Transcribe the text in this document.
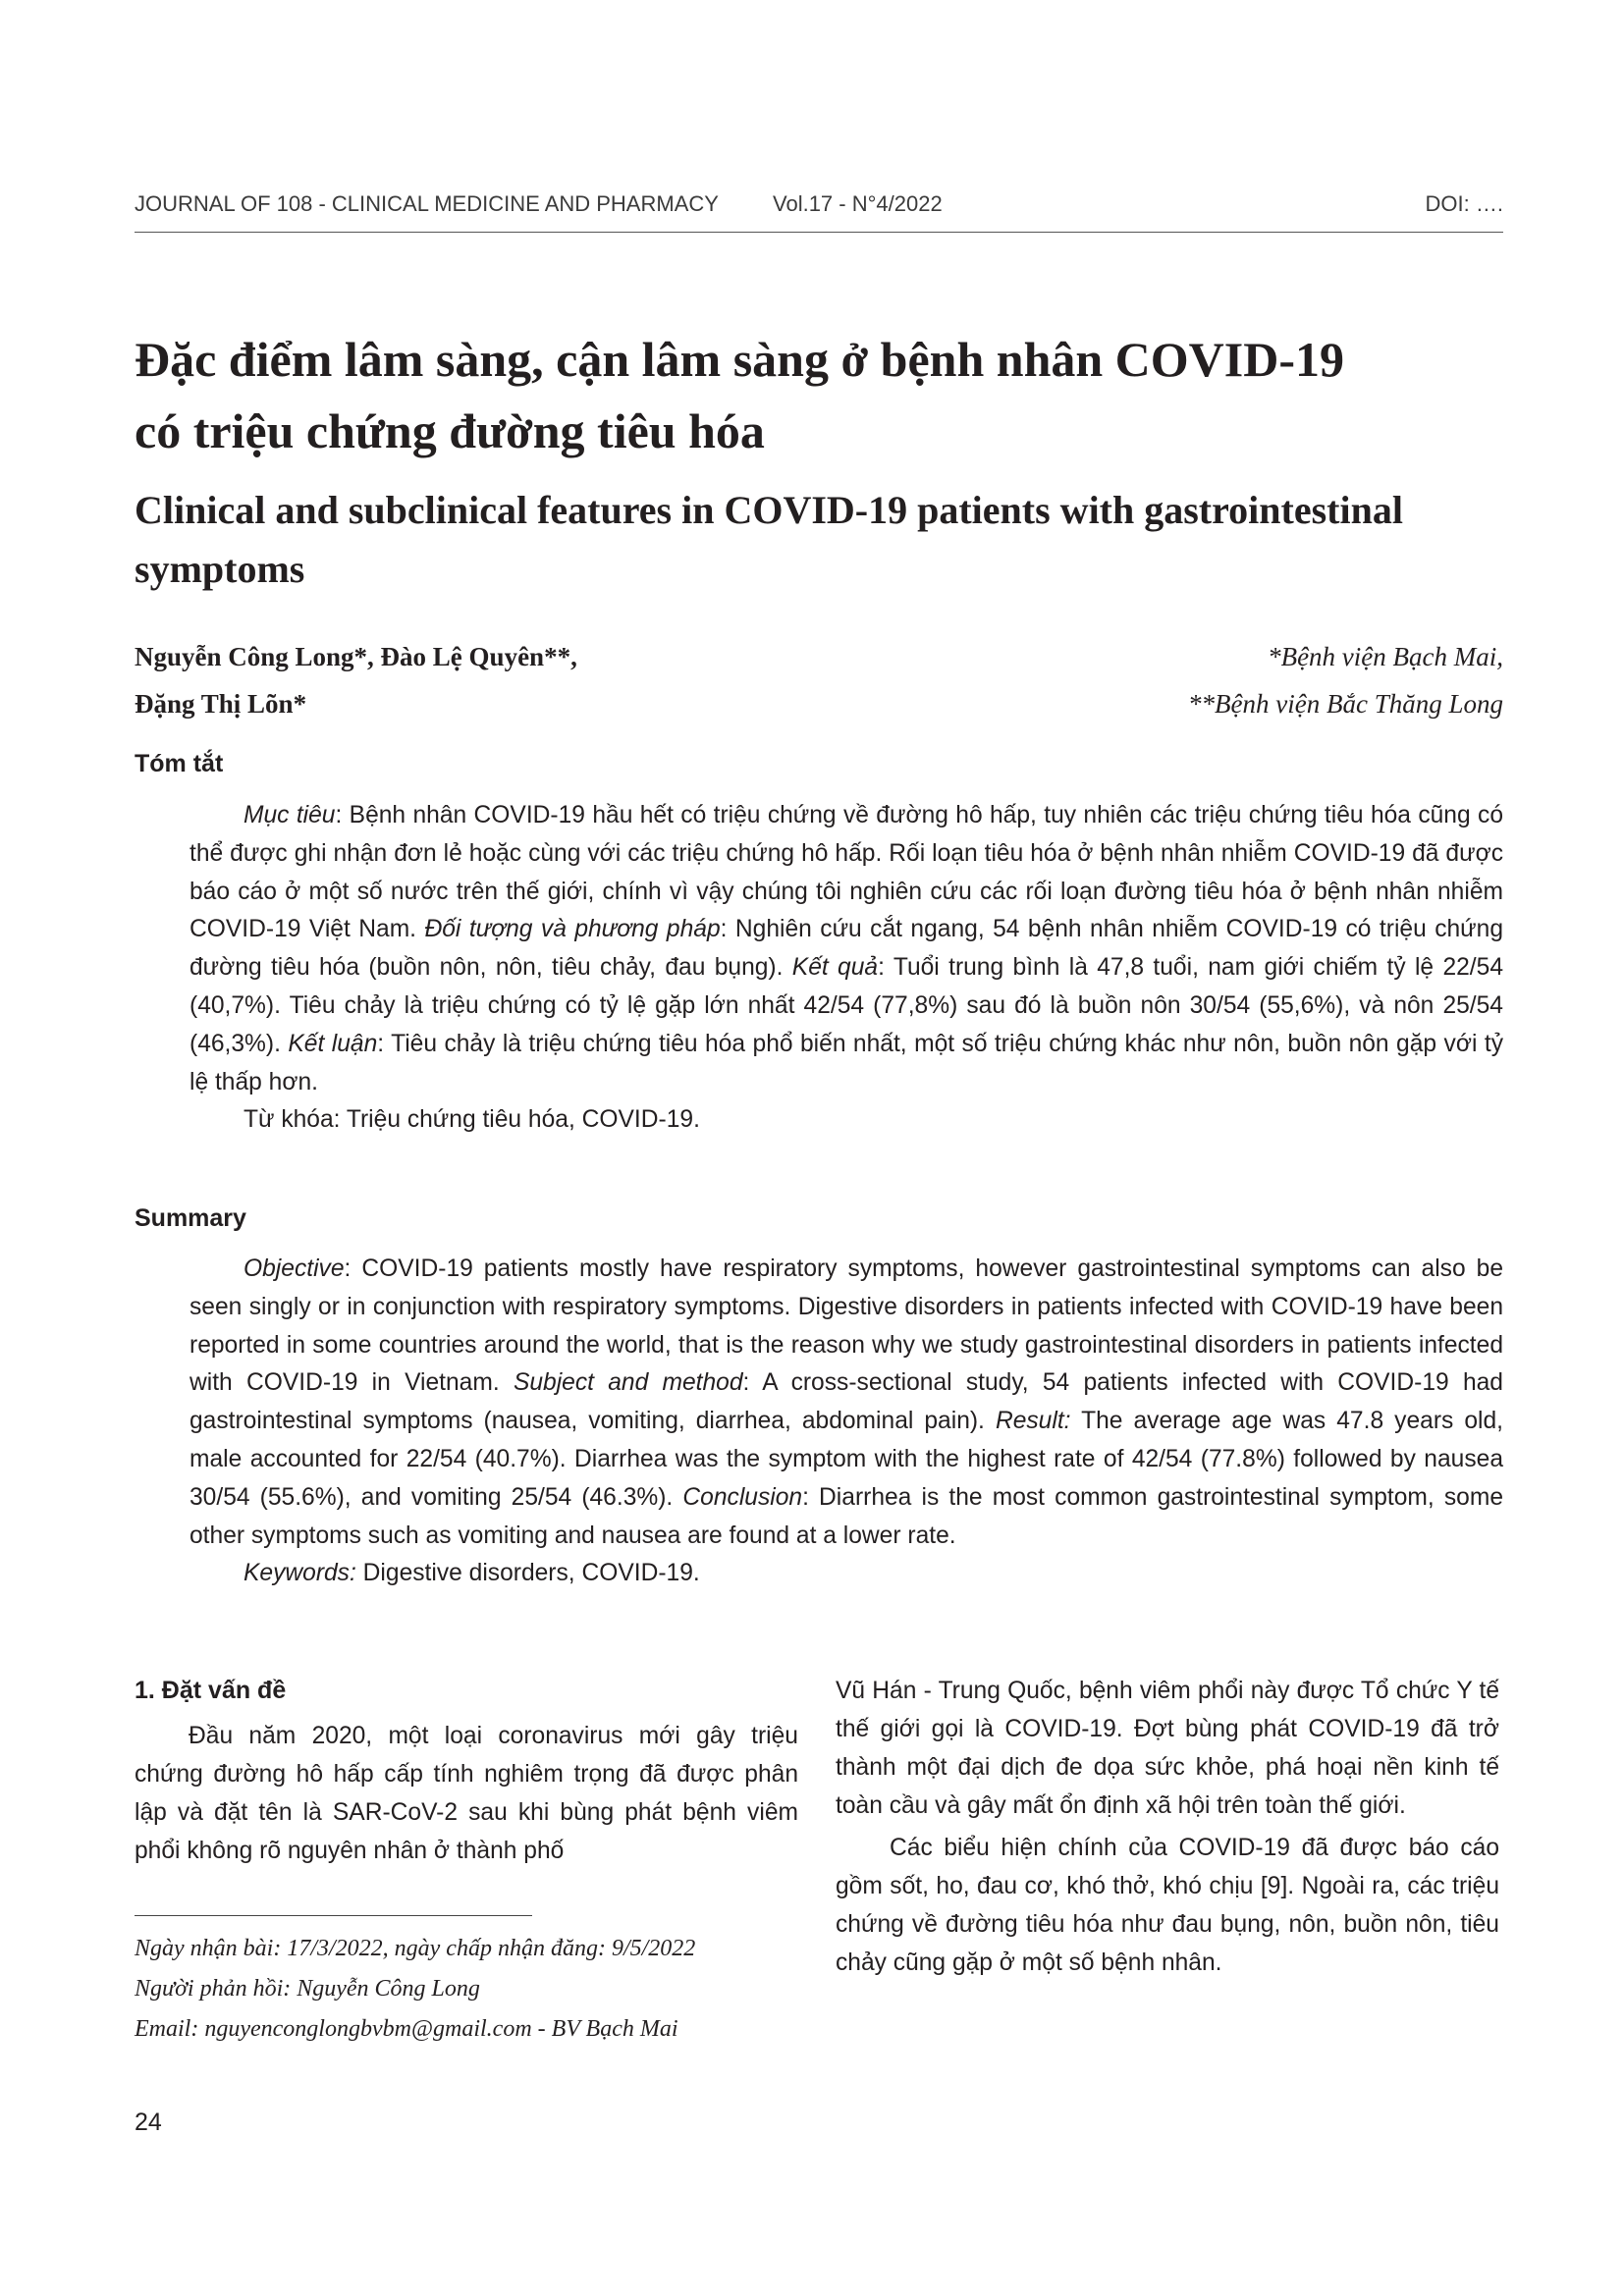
JOURNAL OF 108 - CLINICAL MEDICINE AND PHARMACY	Vol.17 - N°4/2022	DOI: ….
Đặc điểm lâm sàng, cận lâm sàng ở bệnh nhân COVID-19
có triệu chứng đường tiêu hóa
Clinical and subclinical features in COVID-19 patients with gastrointestinal
symptoms
Nguyễn Công Long*, Đào Lệ Quyên**,
Đặng Thị Lõn*
*Bệnh viện Bạch Mai,
**Bệnh viện Bắc Thăng Long
Tóm tắt

Mục tiêu: Bệnh nhân COVID-19 hầu hết có triệu chứng về đường hô hấp, tuy nhiên các triệu chứng tiêu hóa cũng có thể được ghi nhận đơn lẻ hoặc cùng với các triệu chứng hô hấp. Rối loạn tiêu hóa ở bệnh nhân nhiễm COVID-19 đã được báo cáo ở một số nước trên thế giới, chính vì vậy chúng tôi nghiên cứu các rối loạn đường tiêu hóa ở bệnh nhân nhiễm COVID-19 Việt Nam. Đối tượng và phương pháp: Nghiên cứu cắt ngang, 54 bệnh nhân nhiễm COVID-19 có triệu chứng đường tiêu hóa (buồn nôn, nôn, tiêu chảy, đau bụng). Kết quả: Tuổi trung bình là 47,8 tuổi, nam giới chiếm tỷ lệ 22/54 (40,7%). Tiêu chảy là triệu chứng có tỷ lệ gặp lớn nhất 42/54 (77,8%) sau đó là buồn nôn 30/54 (55,6%), và nôn 25/54 (46,3%). Kết luận: Tiêu chảy là triệu chứng tiêu hóa phổ biến nhất, một số triệu chứng khác như nôn, buồn nôn gặp với tỷ lệ thấp hơn.

Từ khóa: Triệu chứng tiêu hóa, COVID-19.

Summary

Objective: COVID-19 patients mostly have respiratory symptoms, however gastrointestinal symptoms can also be seen singly or in conjunction with respiratory symptoms. Digestive disorders in patients infected with COVID-19 have been reported in some countries around the world, that is the reason why we study gastrointestinal disorders in patients infected with COVID-19 in Vietnam. Subject and method: A cross-sectional study, 54 patients infected with COVID-19 had gastrointestinal symptoms (nausea, vomiting, diarrhea, abdominal pain). Result: The average age was 47.8 years old, male accounted for 22/54 (40.7%). Diarrhea was the symptom with the highest rate of 42/54 (77.8%) followed by nausea 30/54 (55.6%), and vomiting 25/54 (46.3%). Conclusion: Diarrhea is the most common gastrointestinal symptom, some other symptoms such as vomiting and nausea are found at a lower rate.

Keywords: Digestive disorders, COVID-19.

1. Đặt vấn đề

Đầu năm 2020, một loại coronavirus mới gây triệu chứng đường hô hấp cấp tính nghiêm trọng đã được phân lập và đặt tên là SAR-CoV-2 sau khi bùng phát bệnh viêm phổi không rõ nguyên nhân ở thành phố

Vũ Hán - Trung Quốc, bệnh viêm phổi này được Tổ chức Y tế thế giới gọi là COVID-19. Đợt bùng phát COVID-19 đã trở thành một đại dịch đe dọa sức khỏe, phá hoại nền kinh tế toàn cầu và gây mất ổn định xã hội trên toàn thế giới.

Các biểu hiện chính của COVID-19 đã được báo cáo gồm sốt, ho, đau cơ, khó thở, khó chịu [9]. Ngoài ra, các triệu chứng về đường tiêu hóa như đau bụng, nôn, buồn nôn, tiêu chảy cũng gặp ở một số bệnh nhân.

Ngày nhận bài: 17/3/2022, ngày chấp nhận đăng: 9/5/2022
Người phản hồi: Nguyễn Công Long
Email: nguyenconglongbvbm@gmail.com - BV Bạch Mai
24
